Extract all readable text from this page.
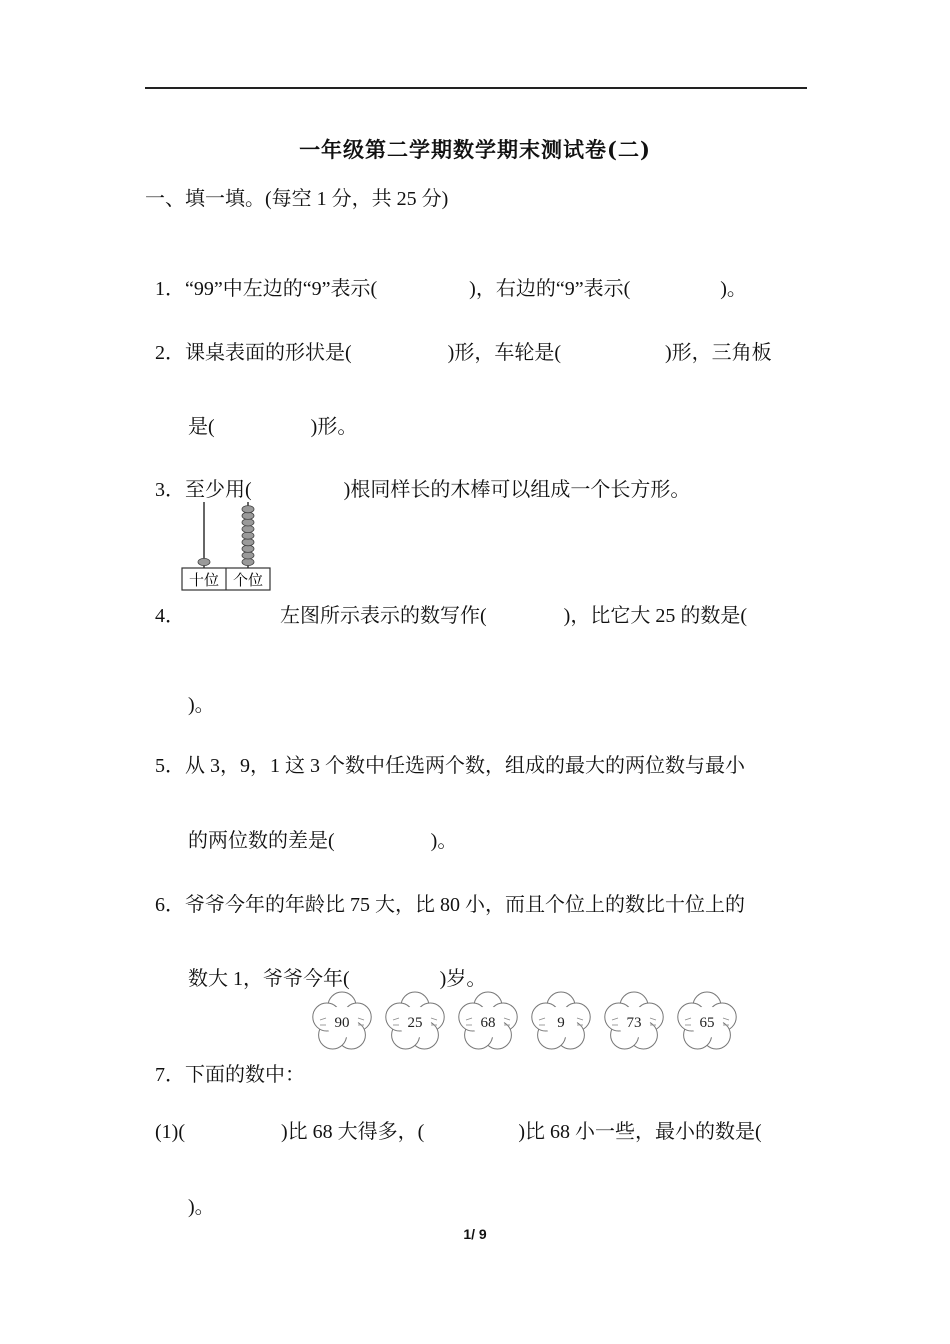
一年级第二学期数学期末测试卷(二)
一、填一填。(每空 1 分，共 25 分)

1．“99”中左边的“9”表示(	)，右边的“9”表示(	)。

2．课桌表面的形状是(	)形，车轮是(	)形，三角板

是(	)形。

3．至少用(	)根同样长的木棒可以组成一个长方形。

十位 个位

4．	左图所示表示的数写作(	)，比它大 25 的数是(

)。

5．从 3，9，1 这 3 个数中任选两个数，组成的最大的两位数与最小

的两位数的差是(	)。

6．爷爷今年的年龄比 75 大，比 80 小，而且个位上的数比十位上的

数大 1，爷爷今年(	)岁。

90	25	68	9	73	65

7．下面的数中：

(1)(	)比 68 大得多，(	)比 68 小一些，最小的数是(

)。

1/ 9
